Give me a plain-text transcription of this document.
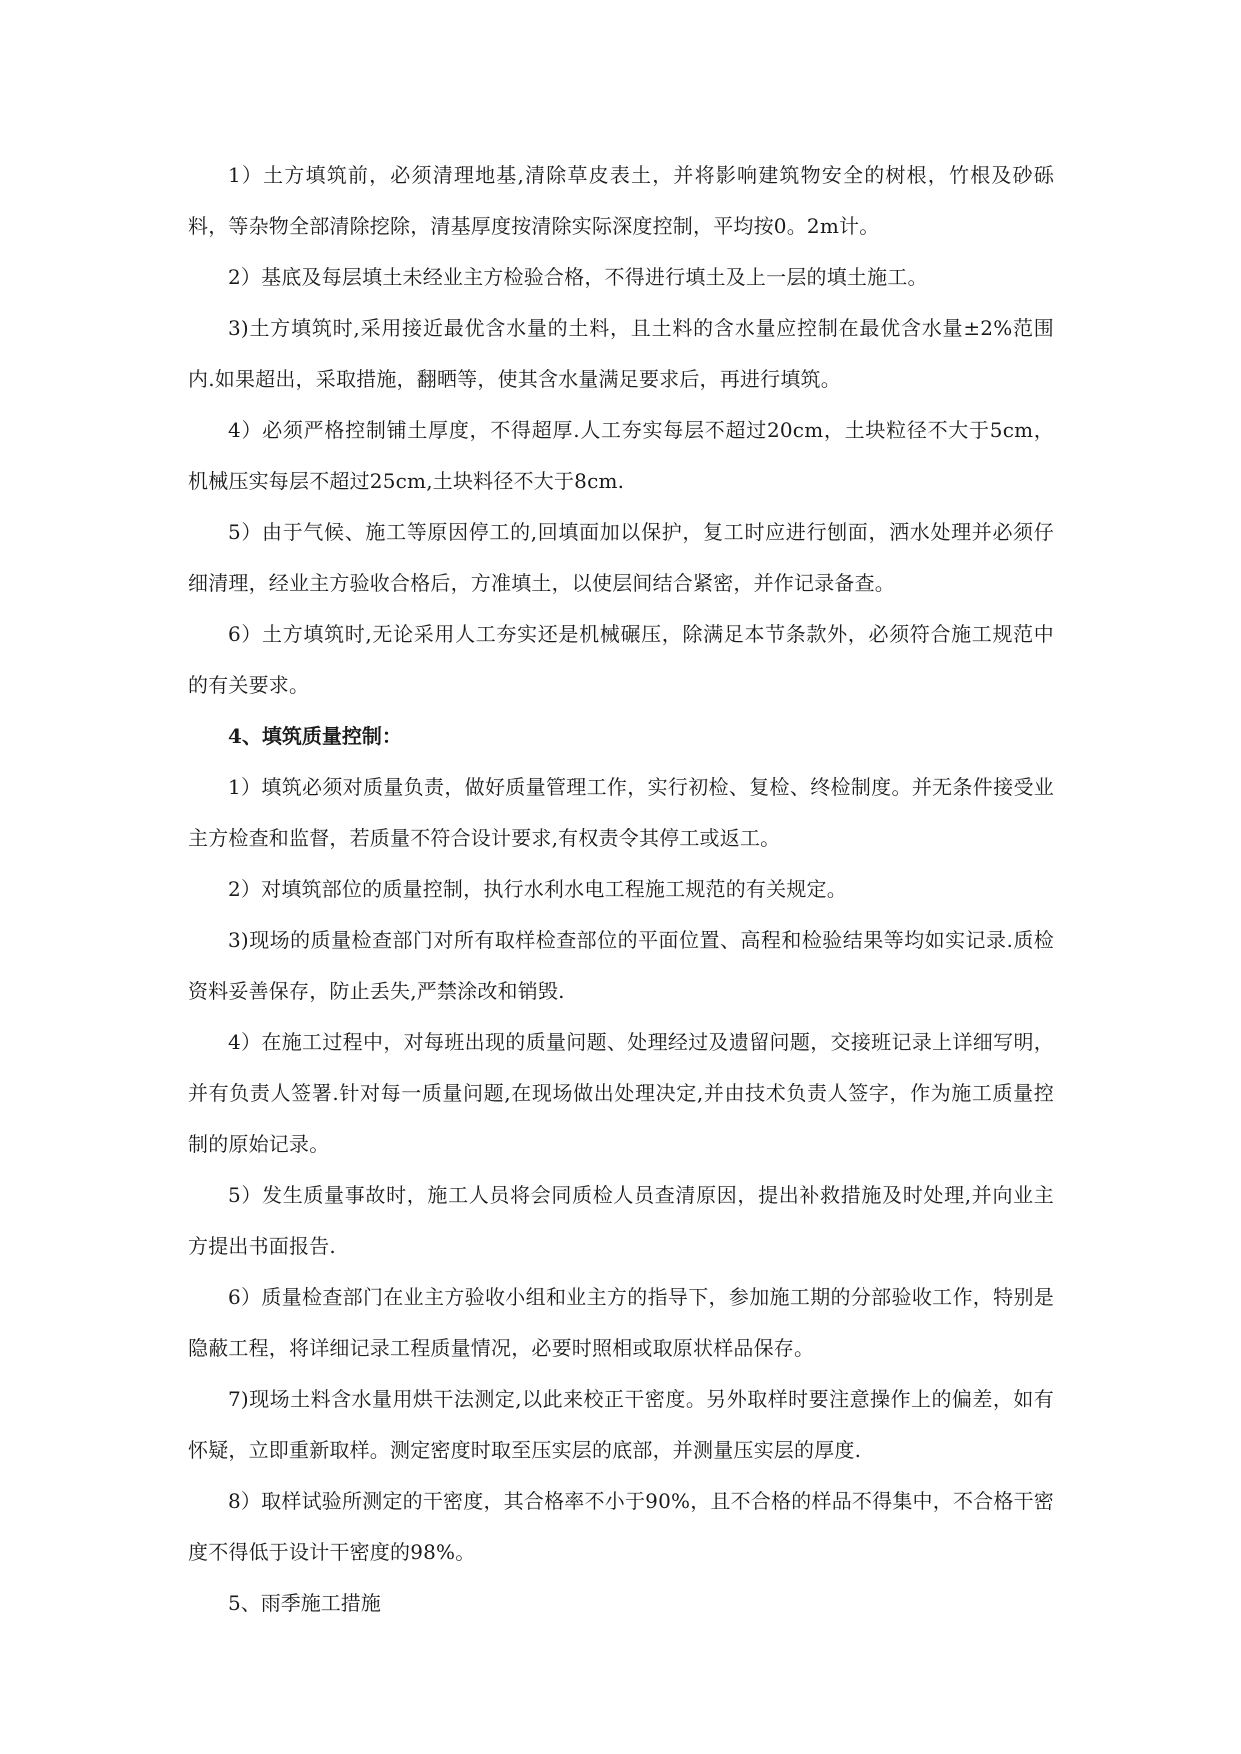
1）土方填筑前，必须清理地基,清除草皮表土，并将影响建筑物安全的树根，竹根及砂砾料，等杂物全部清除挖除，清基厚度按清除实际深度控制，平均按0。2m计。

2）基底及每层填土未经业主方检验合格，不得进行填土及上一层的填土施工。

3)土方填筑时,采用接近最优含水量的土料，且土料的含水量应控制在最优含水量±2%范围内.如果超出，采取措施，翻晒等，使其含水量满足要求后，再进行填筑。

4）必须严格控制铺土厚度，不得超厚.人工夯实每层不超过20cm，土块粒径不大于5cm，机械压实每层不超过25cm,土块料径不大于8cm.

5）由于气候、施工等原因停工的,回填面加以保护，复工时应进行刨面，洒水处理并必须仔细清理，经业主方验收合格后，方准填土，以使层间结合紧密，并作记录备查。

6）土方填筑时,无论采用人工夯实还是机械碾压，除满足本节条款外，必须符合施工规范中的有关要求。

4、填筑质量控制：

1）填筑必须对质量负责，做好质量管理工作，实行初检、复检、终检制度。并无条件接受业主方检查和监督，若质量不符合设计要求,有权责令其停工或返工。

2）对填筑部位的质量控制，执行水利水电工程施工规范的有关规定。

3)现场的质量检查部门对所有取样检查部位的平面位置、高程和检验结果等均如实记录.质检资料妥善保存，防止丢失,严禁涂改和销毁.

4）在施工过程中，对每班出现的质量问题、处理经过及遗留问题，交接班记录上详细写明，并有负责人签署.针对每一质量问题,在现场做出处理决定,并由技术负责人签字，作为施工质量控制的原始记录。

5）发生质量事故时，施工人员将会同质检人员查清原因，提出补救措施及时处理,并向业主方提出书面报告.

6）质量检查部门在业主方验收小组和业主方的指导下，参加施工期的分部验收工作，特别是隐蔽工程，将详细记录工程质量情况，必要时照相或取原状样品保存。

7)现场土料含水量用烘干法测定,以此来校正干密度。另外取样时要注意操作上的偏差，如有怀疑，立即重新取样。测定密度时取至压实层的底部，并测量压实层的厚度.

8）取样试验所测定的干密度，其合格率不小于90%，且不合格的样品不得集中，不合格干密度不得低于设计干密度的98%。

5、雨季施工措施
